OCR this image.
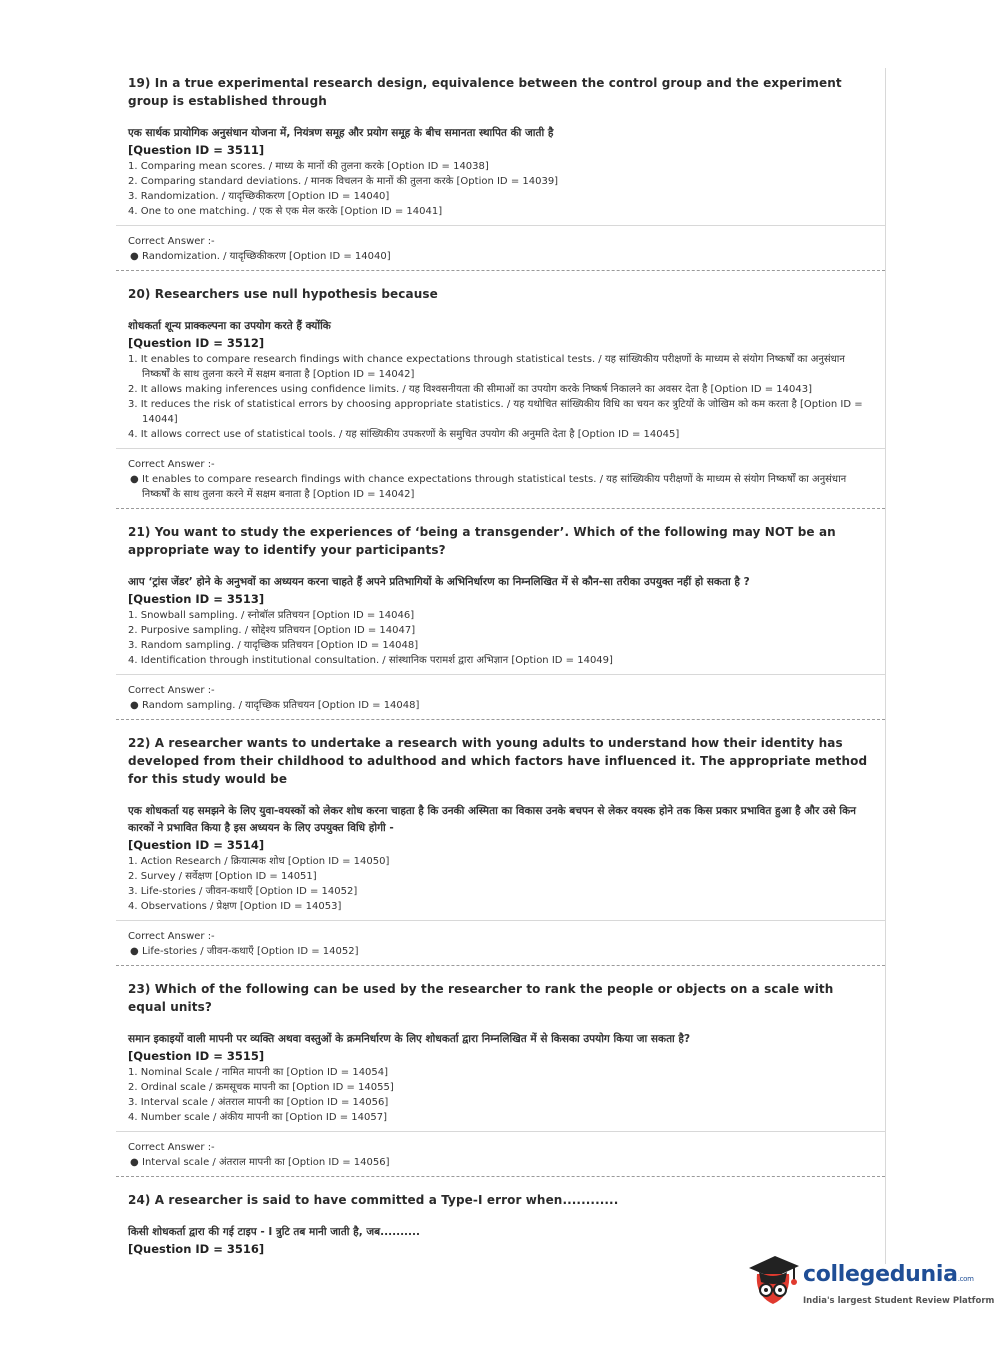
19) In a true experimental research design, equivalence between the control group and the experiment group is established through
एक सार्थक प्रायोगिक अनुसंधान योजना में, नियंत्रण समूह और प्रयोग समूह के बीच समानता स्थापित की जाती है
[Question ID = 3511]
1. Comparing mean scores. / माध्य के मानों की तुलना करके [Option ID = 14038]
2. Comparing standard deviations. / मानक विचलन के मानों की तुलना करके [Option ID = 14039]
3. Randomization. / यादृच्छिकीकरण [Option ID = 14040]
4. One to one matching. / एक से एक मेल करके [Option ID = 14041]
Correct Answer :-
● Randomization. / यादृच्छिकीकरण [Option ID = 14040]
20) Researchers use null hypothesis because
शोधकर्ता शून्य प्राक्कल्पना का उपयोग करते हैं क्योंकि
[Question ID = 3512]
1. It enables to compare research findings with chance expectations through statistical tests. / यह सांख्यिकीय परीक्षणों के माध्यम से संयोग निष्कर्षों का अनुसंधान निष्कर्षों के साथ तुलना करने में सक्षम बनाता है [Option ID = 14042]
2. It allows making inferences using confidence limits. / यह विश्वसनीयता की सीमाओं का उपयोग करके निष्कर्ष निकालने का अवसर देता है [Option ID = 14043]
3. It reduces the risk of statistical errors by choosing appropriate statistics. / यह यथोचित सांख्यिकीय विधि का चयन कर त्रुटियों के जोखिम को कम करता है [Option ID = 14044]
4. It allows correct use of statistical tools. / यह सांख्यिकीय उपकरणों के समुचित उपयोग की अनुमति देता है [Option ID = 14045]
Correct Answer :-
● It enables to compare research findings with chance expectations through statistical tests. / यह सांख्यिकीय परीक्षणों के माध्यम से संयोग निष्कर्षों का अनुसंधान निष्कर्षों के साथ तुलना करने में सक्षम बनाता है [Option ID = 14042]
21) You want to study the experiences of ‘being a transgender’. Which of the following may NOT be an appropriate way to identify your participants?
आप ‘ट्रांस जेंडर’ होने के अनुभवों का अध्ययन करना चाहते हैं अपने प्रतिभागियों के अभिनिर्धारण का निम्नलिखित में से कौन-सा तरीका उपयुक्त नहीं हो सकता है ?
[Question ID = 3513]
1. Snowball sampling. / स्नोबॉल प्रतिचयन [Option ID = 14046]
2. Purposive sampling. / सोद्देश्य प्रतिचयन [Option ID = 14047]
3. Random sampling. / यादृच्छिक प्रतिचयन [Option ID = 14048]
4. Identification through institutional consultation. / सांस्थानिक परामर्श द्वारा अभिज्ञान [Option ID = 14049]
Correct Answer :-
● Random sampling. / यादृच्छिक प्रतिचयन [Option ID = 14048]
22) A researcher wants to undertake a research with young adults to understand how their identity has developed from their childhood to adulthood and which factors have influenced it. The appropriate method for this study would be
एक शोधकर्ता यह समझने के लिए युवा-वयस्कों को लेकर शोध करना चाहता है कि उनकी अस्मिता का विकास उनके बचपन से लेकर वयस्क होने तक किस प्रकार प्रभावित हुआ है और उसे किन कारकों ने प्रभावित किया है इस अध्ययन के लिए उपयुक्त विधि होगी -
[Question ID = 3514]
1. Action Research / क्रियात्मक शोध [Option ID = 14050]
2. Survey / सर्वेक्षण [Option ID = 14051]
3. Life-stories / जीवन-कथाएँ [Option ID = 14052]
4. Observations / प्रेक्षण [Option ID = 14053]
Correct Answer :-
● Life-stories / जीवन-कथाएँ [Option ID = 14052]
23) Which of the following can be used by the researcher to rank the people or objects on a scale with equal units?
समान इकाइयों वाली मापनी पर व्यक्ति अथवा वस्तुओं के क्रमनिर्धारण के लिए शोधकर्ता द्वारा निम्नलिखित में से किसका उपयोग किया जा सकता है?
[Question ID = 3515]
1. Nominal Scale / नामित मापनी का [Option ID = 14054]
2. Ordinal scale / क्रमसूचक मापनी का [Option ID = 14055]
3. Interval scale / अंतराल मापनी का [Option ID = 14056]
4. Number scale / अंकीय मापनी का [Option ID = 14057]
Correct Answer :-
● Interval scale / अंतराल मापनी का [Option ID = 14056]
24) A researcher is said to have committed a Type-I error when............
किसी शोधकर्ता द्वारा की गई टाइप - I त्रुटि तब मानी जाती है, जब..........
[Question ID = 3516]
collegedunia.com
India's largest Student Review Platform
